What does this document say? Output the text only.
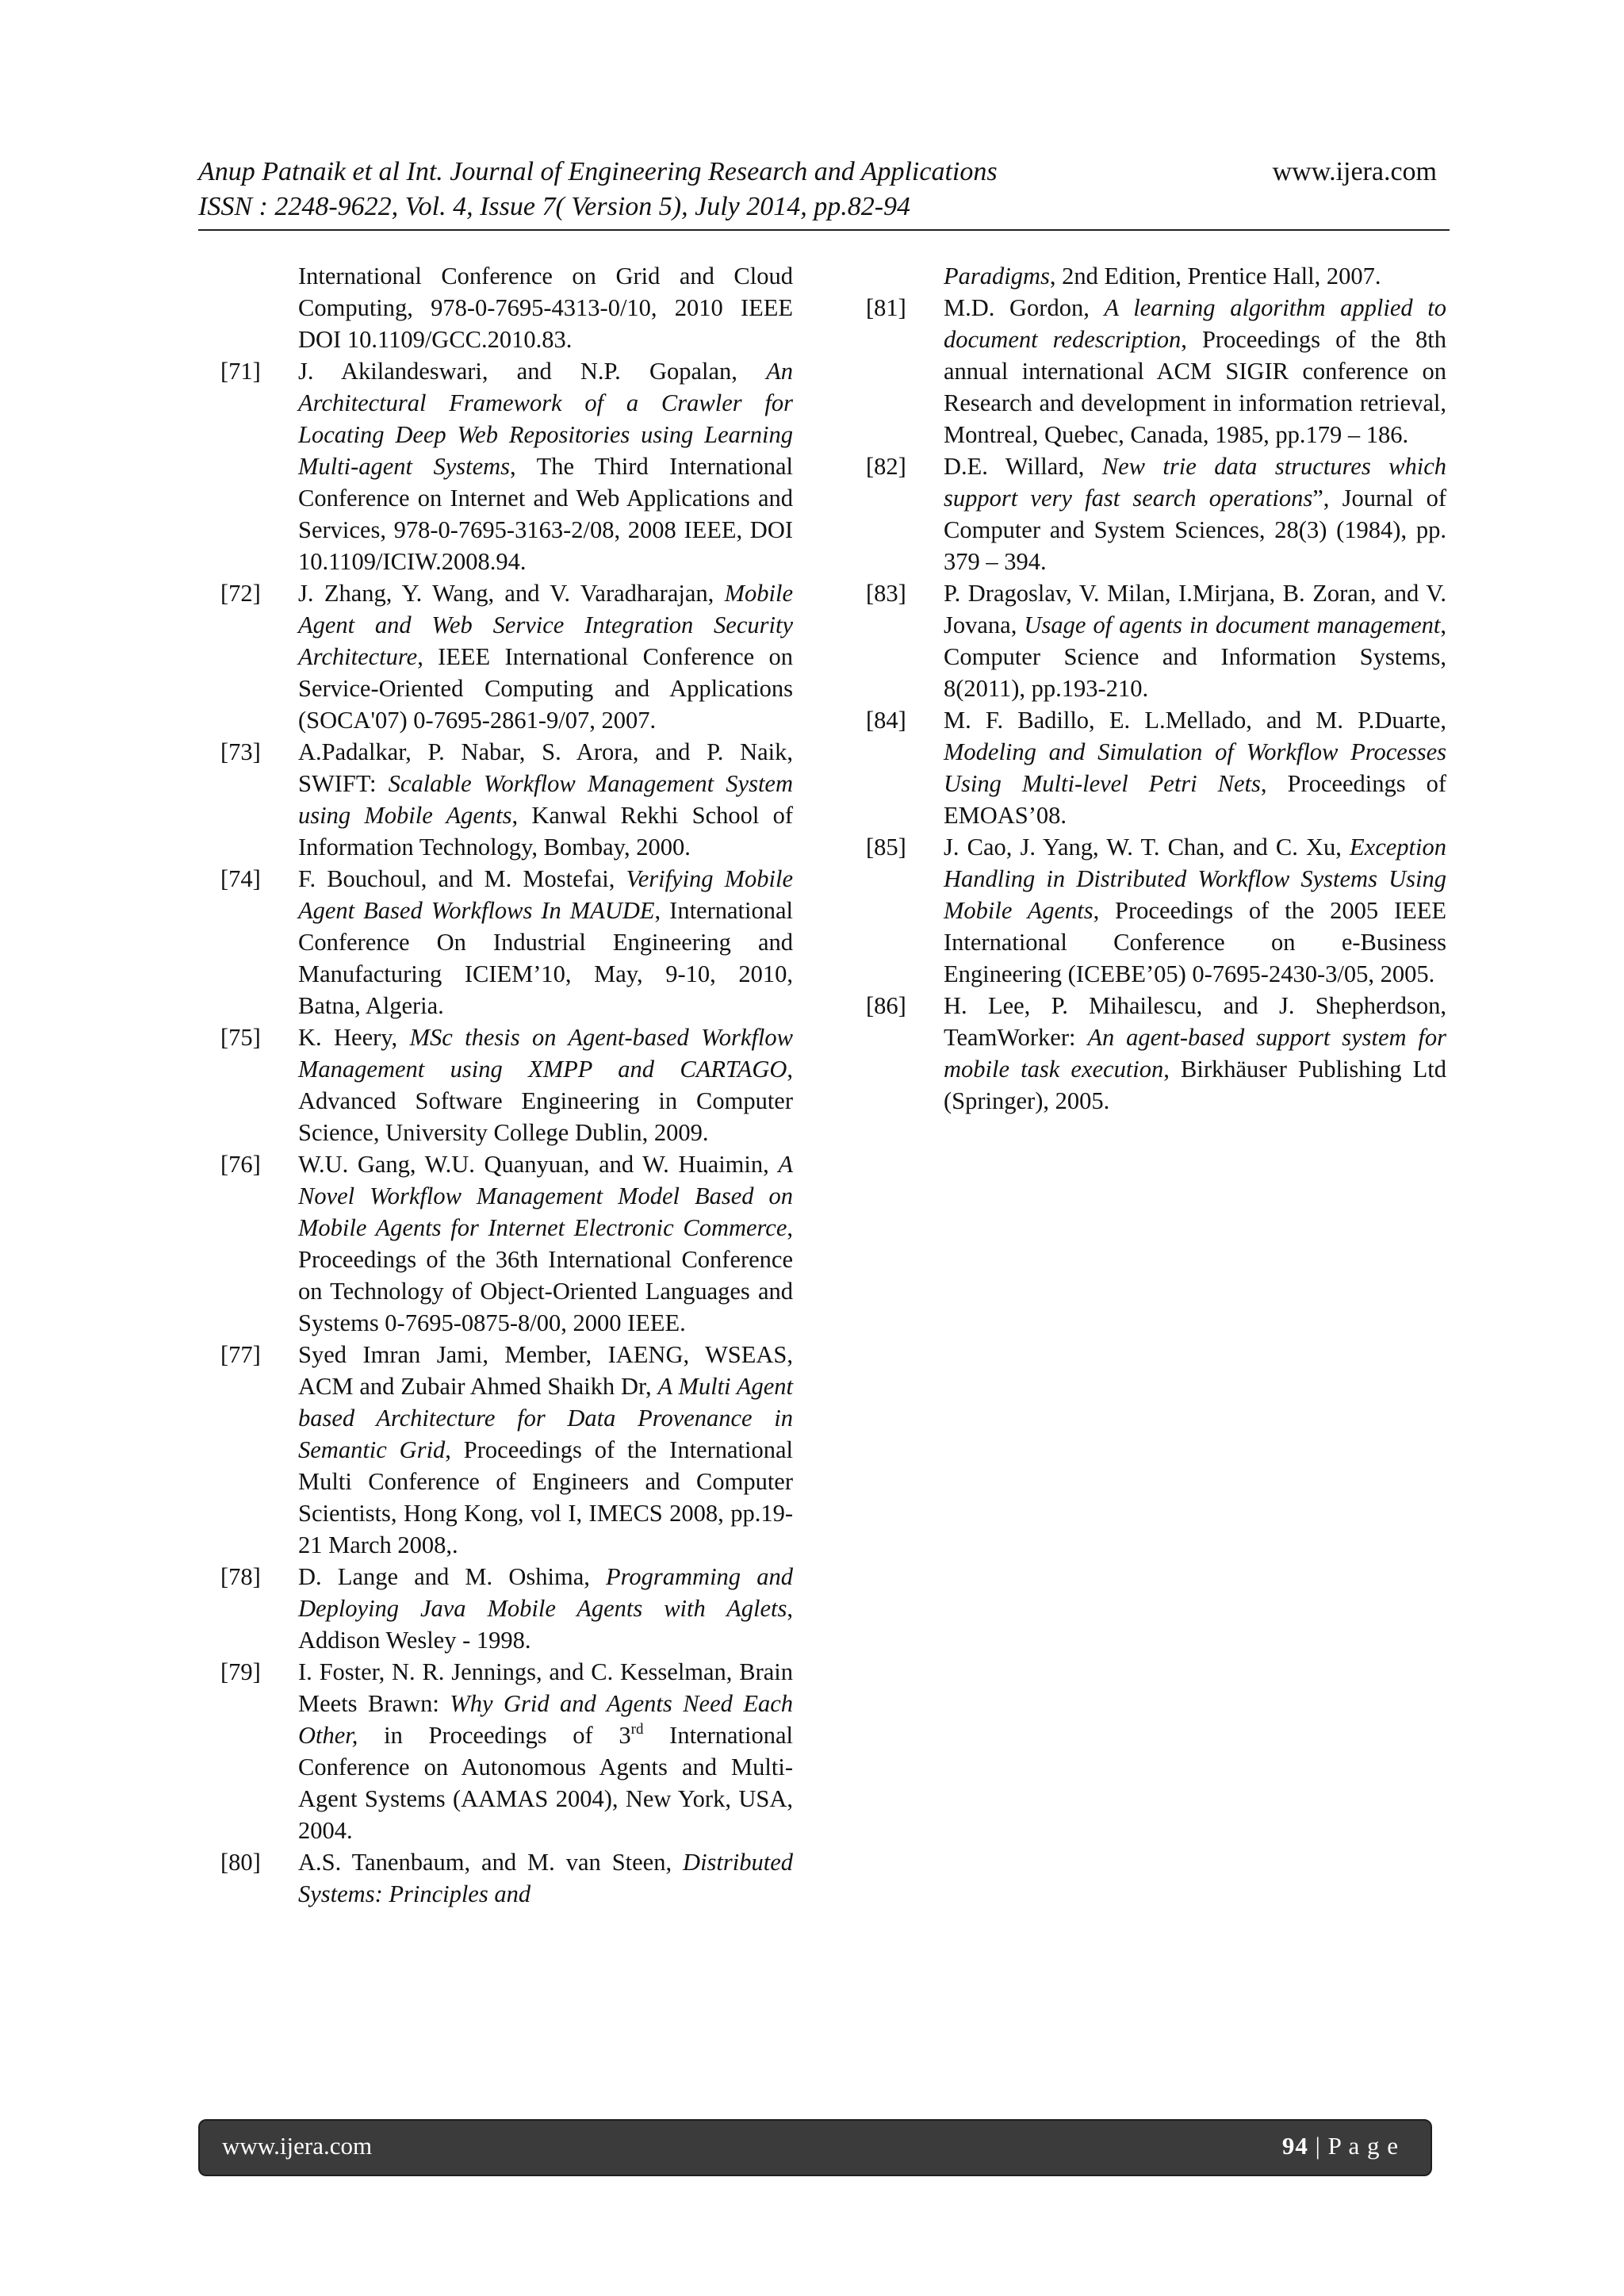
Anup Patnaik et al Int. Journal of Engineering Research and Applications
ISSN : 2248-9622, Vol. 4, Issue 7( Version 5), July 2014, pp.82-94
www.ijera.com
International Conference on Grid and Cloud Computing, 978-0-7695-4313-0/10, 2010 IEEE DOI 10.1109/GCC.2010.83.
[71] J. Akilandeswari, and N.P. Gopalan, An Architectural Framework of a Crawler for Locating Deep Web Repositories using Learning Multi-agent Systems, The Third International Conference on Internet and Web Applications and Services, 978-0-7695-3163-2/08, 2008 IEEE, DOI 10.1109/ICIW.2008.94.
[72] J. Zhang, Y. Wang, and V. Varadharajan, Mobile Agent and Web Service Integration Security Architecture, IEEE International Conference on Service-Oriented Computing and Applications (SOCA'07) 0-7695-2861-9/07, 2007.
[73] A.Padalkar, P. Nabar, S. Arora, and P. Naik, SWIFT: Scalable Workflow Management System using Mobile Agents, Kanwal Rekhi School of Information Technology, Bombay, 2000.
[74] F. Bouchoul, and M. Mostefai, Verifying Mobile Agent Based Workflows In MAUDE, International Conference On Industrial Engineering and Manufacturing ICIEM’10, May, 9-10, 2010, Batna, Algeria.
[75] K. Heery, MSc thesis on Agent-based Workflow Management using XMPP and CARTAGO, Advanced Software Engineering in Computer Science, University College Dublin, 2009.
[76] W.U. Gang, W.U. Quanyuan, and W. Huaimin, A Novel Workflow Management Model Based on Mobile Agents for Internet Electronic Commerce, Proceedings of the 36th International Conference on Technology of Object-Oriented Languages and Systems 0-7695-0875-8/00, 2000 IEEE.
[77] Syed Imran Jami, Member, IAENG, WSEAS, ACM and Zubair Ahmed Shaikh Dr, A Multi Agent based Architecture for Data Provenance in Semantic Grid, Proceedings of the International Multi Conference of Engineers and Computer Scientists, Hong Kong, vol I, IMECS 2008, pp.19-21 March 2008,.
[78] D. Lange and M. Oshima, Programming and Deploying Java Mobile Agents with Aglets, Addison Wesley - 1998.
[79] I. Foster, N. R. Jennings, and C. Kesselman, Brain Meets Brawn: Why Grid and Agents Need Each Other, in Proceedings of 3rd International Conference on Autonomous Agents and Multi-Agent Systems (AAMAS 2004), New York, USA, 2004.
[80] A.S. Tanenbaum, and M. van Steen, Distributed Systems: Principles and
Paradigms, 2nd Edition, Prentice Hall, 2007.
[81] M.D. Gordon, A learning algorithm applied to document redescription, Proceedings of the 8th annual international ACM SIGIR conference on Research and development in information retrieval, Montreal, Quebec, Canada, 1985, pp.179 – 186.
[82] D.E. Willard, New trie data structures which support very fast search operations”, Journal of Computer and System Sciences, 28(3) (1984), pp. 379 – 394.
[83] P. Dragoslav, V. Milan, I.Mirjana, B. Zoran, and V. Jovana, Usage of agents in document management, Computer Science and Information Systems, 8(2011), pp.193-210.
[84] M. F. Badillo, E. L.Mellado, and M. P.Duarte, Modeling and Simulation of Workflow Processes Using Multi-level Petri Nets, Proceedings of EMOAS’08.
[85] J. Cao, J. Yang, W. T. Chan, and C. Xu, Exception Handling in Distributed Workflow Systems Using Mobile Agents, Proceedings of the 2005 IEEE International Conference on e-Business Engineering (ICEBE’05) 0-7695-2430-3/05, 2005.
[86] H. Lee, P. Mihailescu, and J. Shepherdson, TeamWorker: An agent-based support system for mobile task execution, Birkhäuser Publishing Ltd (Springer), 2005.
www.ijera.com	94 | P a g e
